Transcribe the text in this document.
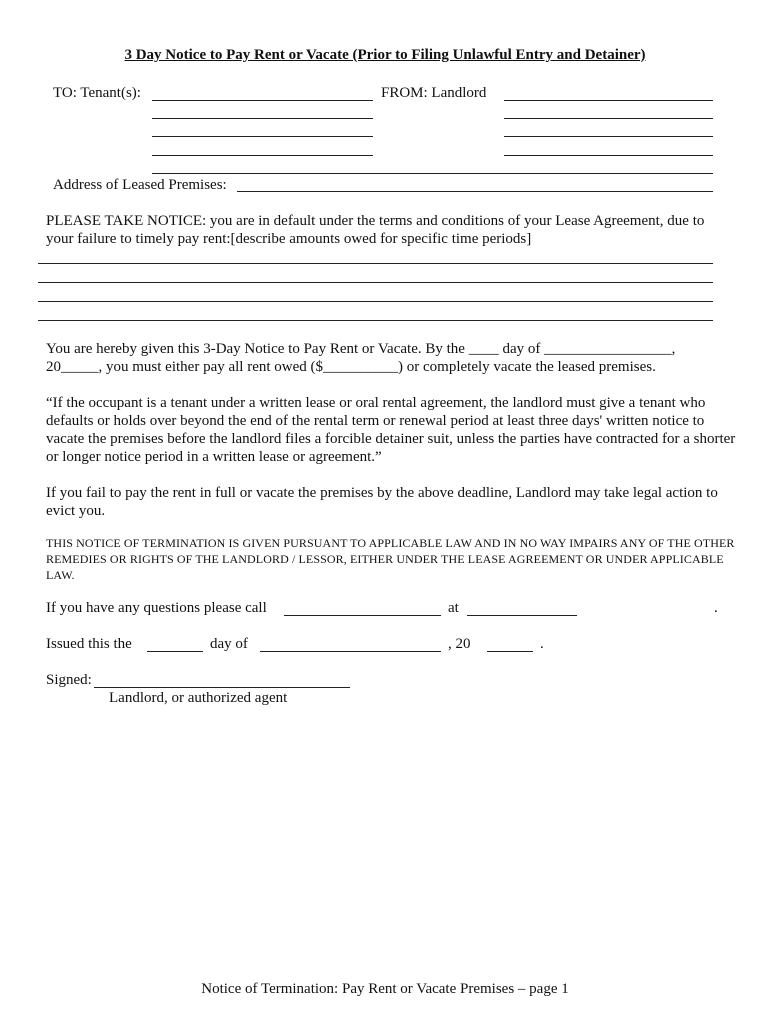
3 Day Notice to Pay Rent or Vacate (Prior to Filing Unlawful Entry and Detainer)
TO: Tenant(s):	FROM: Landlord
Address of Leased Premises:
PLEASE TAKE NOTICE: you are in default under the terms and conditions of your Lease Agreement, due to your failure to timely pay rent:[describe amounts owed for specific time periods]
You are hereby given this 3-Day Notice to Pay Rent or Vacate. By the ____ day of _________________,
20_____, you must either pay all rent owed ($__________) or completely vacate the leased premises.
“If the occupant is a tenant under a written lease or oral rental agreement, the landlord must give a tenant who defaults or holds over beyond the end of the rental term or renewal period at least three days' written notice to vacate the premises before the landlord files a forcible detainer suit, unless the parties have contracted for a shorter or longer notice period in a written lease or agreement.”
If you fail to pay the rent in full or vacate the premises by the above deadline, Landlord may take legal action to evict you.
THIS NOTICE OF TERMINATION IS GIVEN PURSUANT TO APPLICABLE LAW AND IN NO WAY IMPAIRS ANY OF THE OTHER REMEDIES OR RIGHTS OF THE LANDLORD / LESSOR, EITHER UNDER THE LEASE AGREEMENT OR UNDER APPLICABLE LAW.
If you have any questions please call	at	.
Issued this the	day of	, 20	.
Signed:
Landlord, or authorized agent
Notice of Termination: Pay Rent or Vacate Premises – page 1
